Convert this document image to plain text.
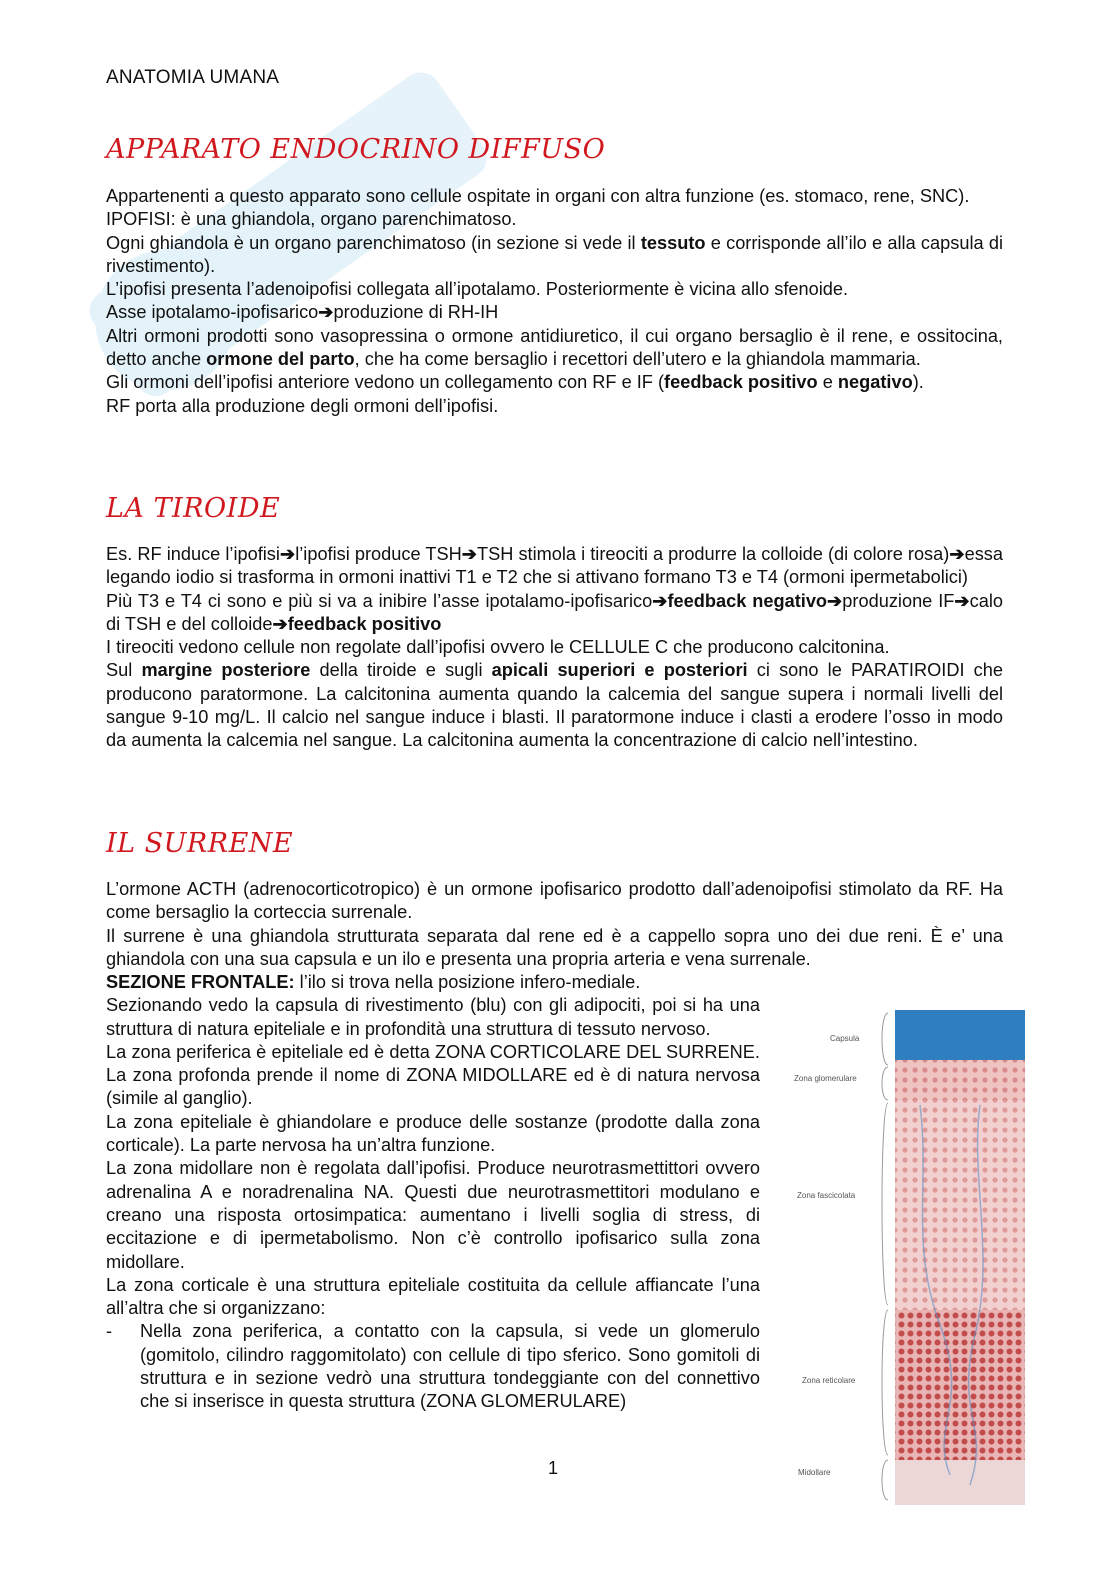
ANATOMIA UMANA
APPARATO ENDOCRINO DIFFUSO

Appartenenti a questo apparato sono cellule ospitate in organi con altra funzione (es. stomaco, rene, SNC).

IPOFISI: è una ghiandola, organo parenchimatoso.

Ogni ghiandola è un organo parenchimatoso (in sezione si vede il tessuto e corrisponde all’ilo e alla capsula di rivestimento).

L’ipofisi presenta l’adenoipofisi collegata all’ipotalamo. Posteriormente è vicina allo sfenoide.

Asse ipotalamo-ipofisarico➔produzione di RH-IH

Altri ormoni prodotti sono vasopressina o ormone antidiuretico, il cui organo bersaglio è il rene, e ossitocina, detto anche ormone del parto, che ha come bersaglio i recettori dell’utero e la ghiandola mammaria.

Gli ormoni dell’ipofisi anteriore vedono un collegamento con RF e IF (feedback positivo e negativo).

RF porta alla produzione degli ormoni dell’ipofisi.

LA TIROIDE

Es. RF induce l’ipofisi➔l’ipofisi produce TSH➔TSH stimola i tireociti a produrre la colloide (di colore rosa)➔essa legando iodio si trasforma in ormoni inattivi T1 e T2 che si attivano formano T3 e T4 (ormoni ipermetabolici)

Più T3 e T4 ci sono e più si va a inibire l’asse ipotalamo-ipofisarico➔feedback negativo➔produzione IF➔calo di TSH e del colloide➔feedback positivo

I tireociti vedono cellule non regolate dall’ipofisi ovvero le CELLULE C che producono calcitonina.

Sul margine posteriore della tiroide e sugli apicali superiori e posteriori ci sono le PARATIROIDI che producono paratormone. La calcitonina aumenta quando la calcemia del sangue supera i normali livelli del sangue 9-10 mg/L. Il calcio nel sangue induce i blasti. Il paratormone induce i clasti a erodere l’osso in modo da aumenta la calcemia nel sangue. La calcitonina aumenta la concentrazione di calcio nell’intestino.

IL SURRENE

L’ormone ACTH (adrenocorticotropico) è un ormone ipofisarico prodotto dall’adenoipofisi stimolato da RF. Ha come bersaglio la corteccia surrenale.

Il surrene è una ghiandola strutturata separata dal rene ed è a cappello sopra uno dei due reni. È e’ una ghiandola con una sua capsula e un ilo e presenta una propria arteria e vena surrenale.

SEZIONE FRONTALE: l’ilo si trova nella posizione infero-mediale.

Sezionando vedo la capsula di rivestimento (blu) con gli adipociti, poi si ha una struttura di natura epiteliale e in profondità una struttura di tessuto nervoso.

La zona periferica è epiteliale ed è detta ZONA CORTICOLARE DEL SURRENE. La zona profonda prende il nome di ZONA MIDOLLARE ed è di natura nervosa (simile al ganglio).

La zona epiteliale è ghiandolare e produce delle sostanze (prodotte dalla zona corticale). La parte nervosa ha un’altra funzione.

La zona midollare non è regolata dall’ipofisi. Produce neurotrasmettittori ovvero adrenalina A e noradrenalina NA. Questi due neurotrasmettitori modulano e creano una risposta ortosimpatica: aumentano i livelli soglia di stress, di eccitazione e di ipermetabolismo. Non c’è controllo ipofisarico sulla zona midollare.

La zona corticale è una struttura epiteliale costituita da cellule affiancate l’una all’altra che si organizzano:

-	Nella zona periferica, a contatto con la capsula, si vede un glomerulo (gomitolo, cilindro raggomitolato) con cellule di tipo sferico. Sono gomitoli di struttura e in sezione vedrò una struttura tondeggiante con del connettivo che si inserisce in questa struttura (ZONA GLOMERULARE)
Capsula
Zona glomerulare
Zona fascicolata
Zona reticolare
Midollare
1
